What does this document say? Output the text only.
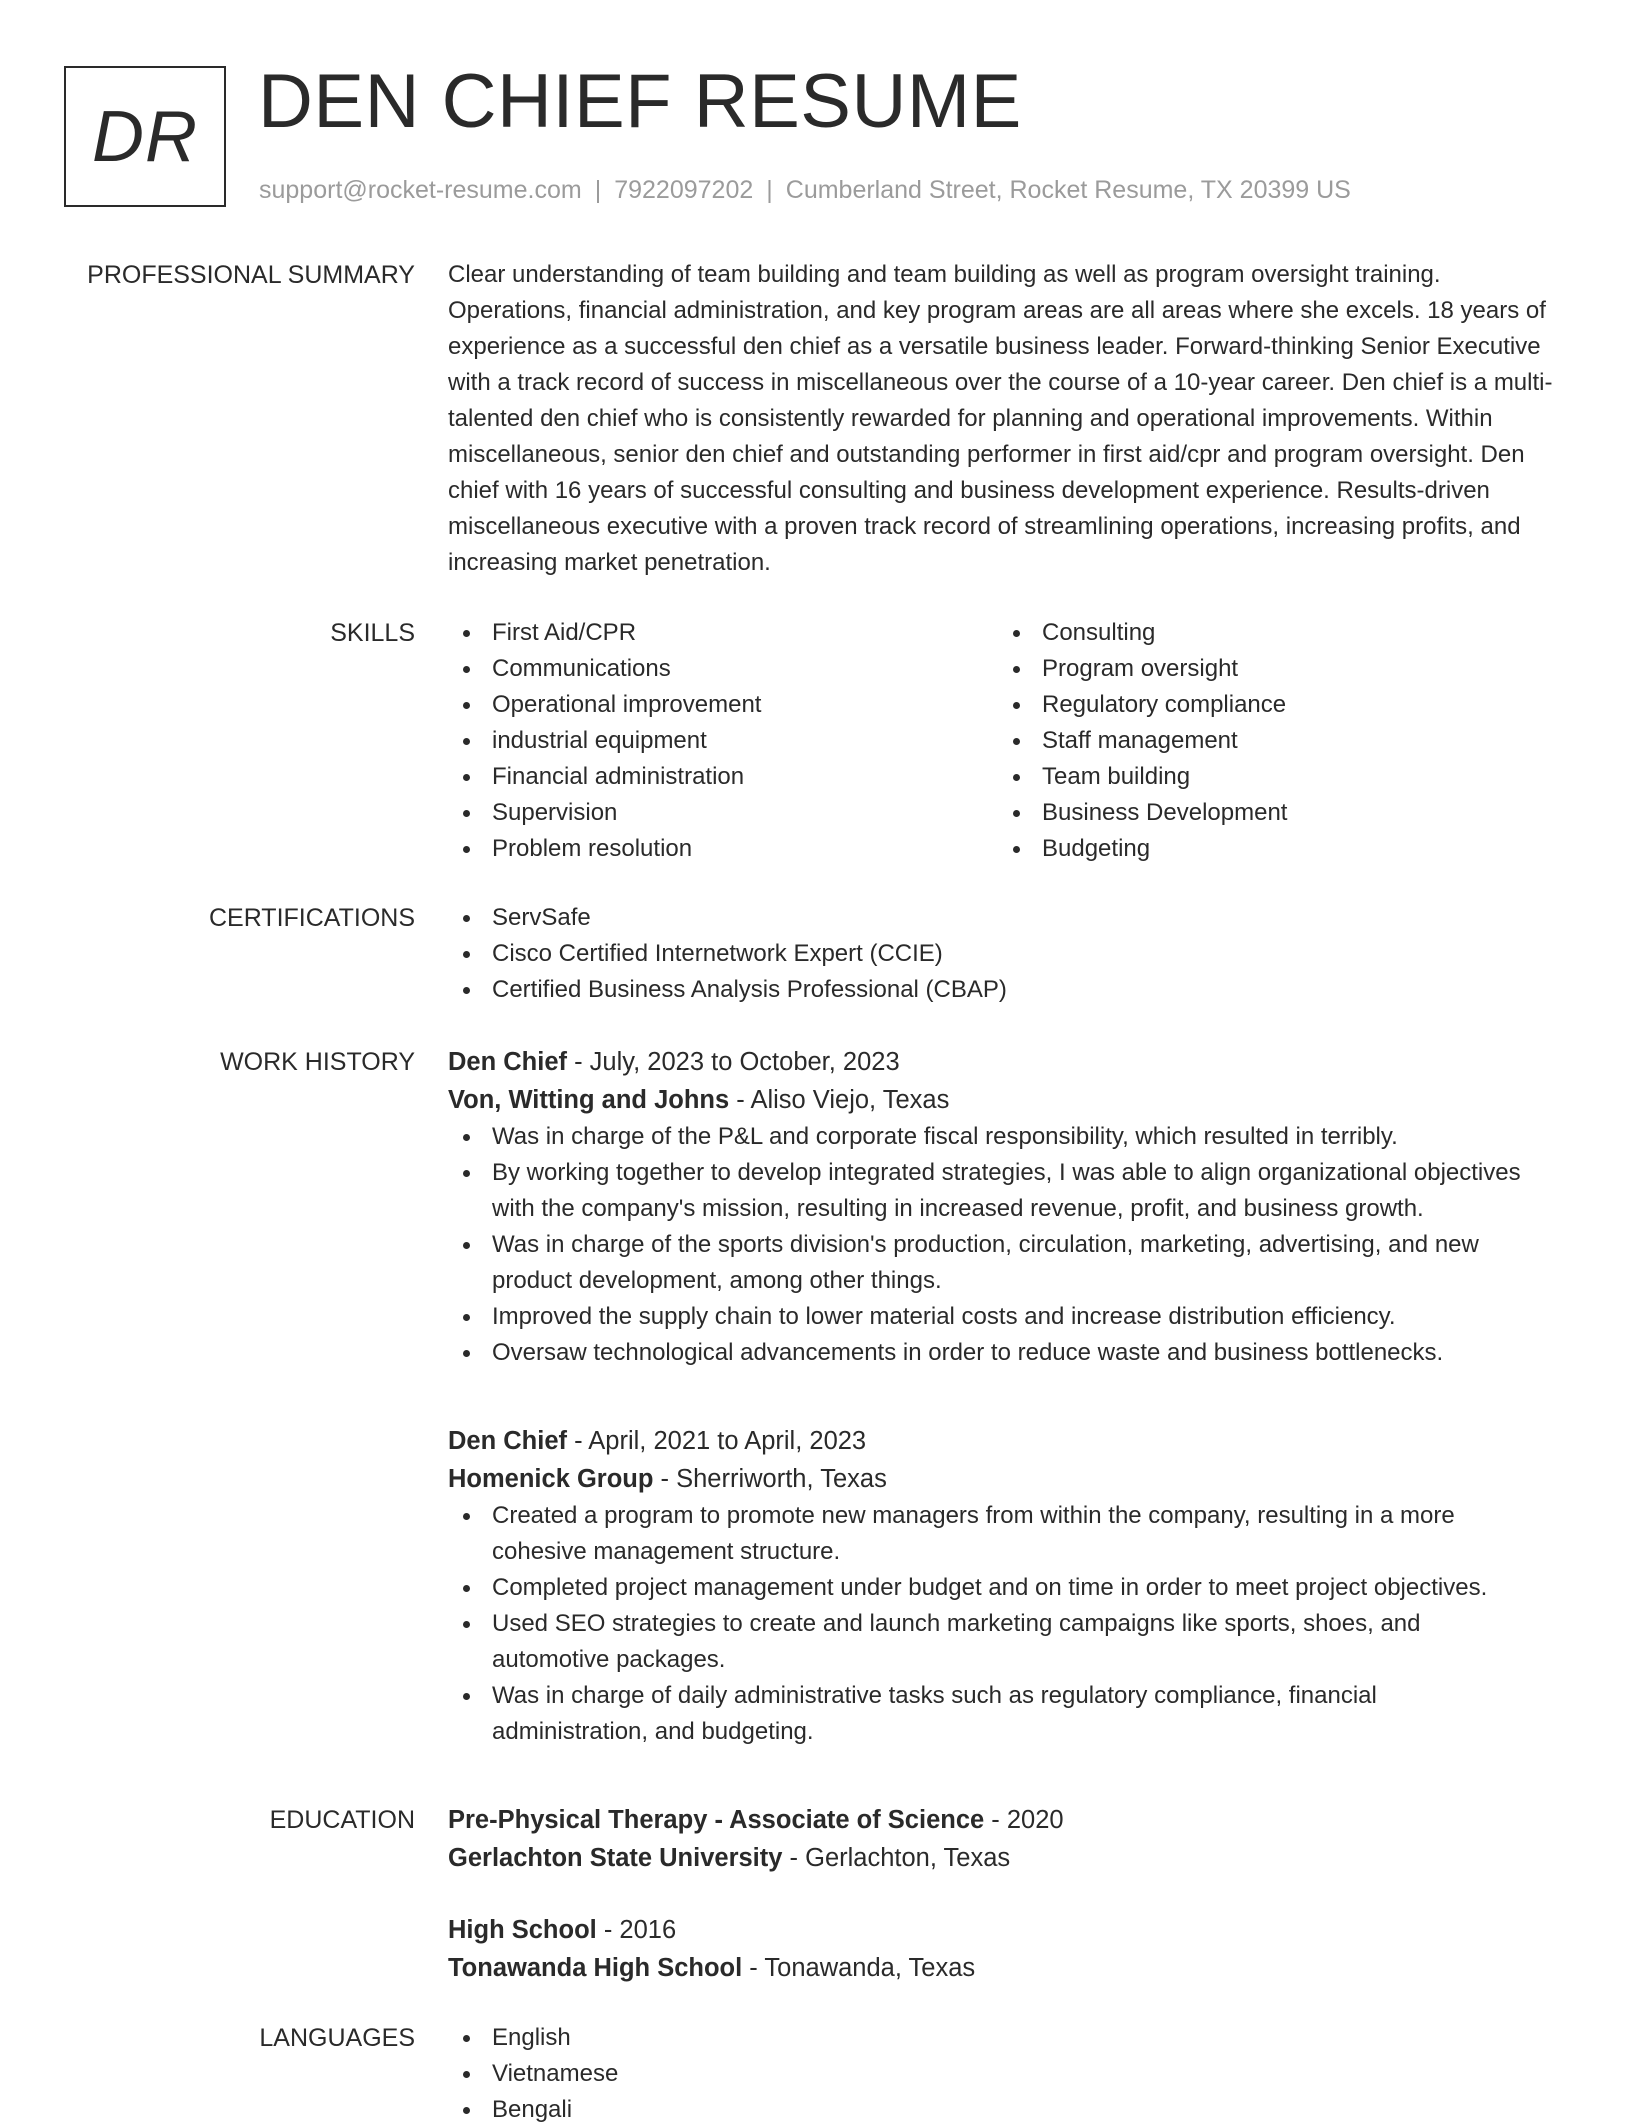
DR DEN CHIEF RESUME
support@rocket-resume.com | 7922097202 | Cumberland Street, Rocket Resume, TX 20399 US
PROFESSIONAL SUMMARY Clear understanding of team building and team building as well as program oversight training. Operations, financial administration, and key program areas are all areas where she excels. 18 years of experience as a successful den chief as a versatile business leader. Forward-thinking Senior Executive with a track record of success in miscellaneous over the course of a 10-year career. Den chief is a multi-talented den chief who is consistently rewarded for planning and operational improvements. Within miscellaneous, senior den chief and outstanding performer in first aid/cpr and program oversight. Den chief with 16 years of successful consulting and business development experience. Results-driven miscellaneous executive with a proven track record of streamlining operations, increasing profits, and increasing market penetration.

SKILLS	First Aid/CPR
Communications
Operational improvement
industrial equipment
Financial administration
Supervision
Problem resolution
Consulting
Program oversight
Regulatory compliance
Staff management
Team building
Business Development
Budgeting
CERTIFICATIONS	ServSafe
Cisco Certified Internetwork Expert (CCIE)
Certified Business Analysis Professional (CBAP)
WORK HISTORY Den Chief - July, 2023 to October, 2023
Von, Witting and Johns - Aliso Viejo, Texas
Was in charge of the P&L and corporate fiscal responsibility, which resulted in terribly.
By working together to develop integrated strategies, I was able to align organizational objectives with the company's mission, resulting in increased revenue, profit, and business growth.
Was in charge of the sports division's production, circulation, marketing, advertising, and new product development, among other things.
Improved the supply chain to lower material costs and increase distribution efficiency.
Oversaw technological advancements in order to reduce waste and business bottlenecks.
Den Chief - April, 2021 to April, 2023
Homenick Group - Sherriworth, Texas
Created a program to promote new managers from within the company, resulting in a more cohesive management structure.
Completed project management under budget and on time in order to meet project objectives.
Used SEO strategies to create and launch marketing campaigns like sports, shoes, and automotive packages.
Was in charge of daily administrative tasks such as regulatory compliance, financial administration, and budgeting.
EDUCATION Pre-Physical Therapy - Associate of Science - 2020
Gerlachton State University - Gerlachton, Texas
High School - 2016
Tonawanda High School - Tonawanda, Texas
LANGUAGES	English
Vietnamese
Bengali
